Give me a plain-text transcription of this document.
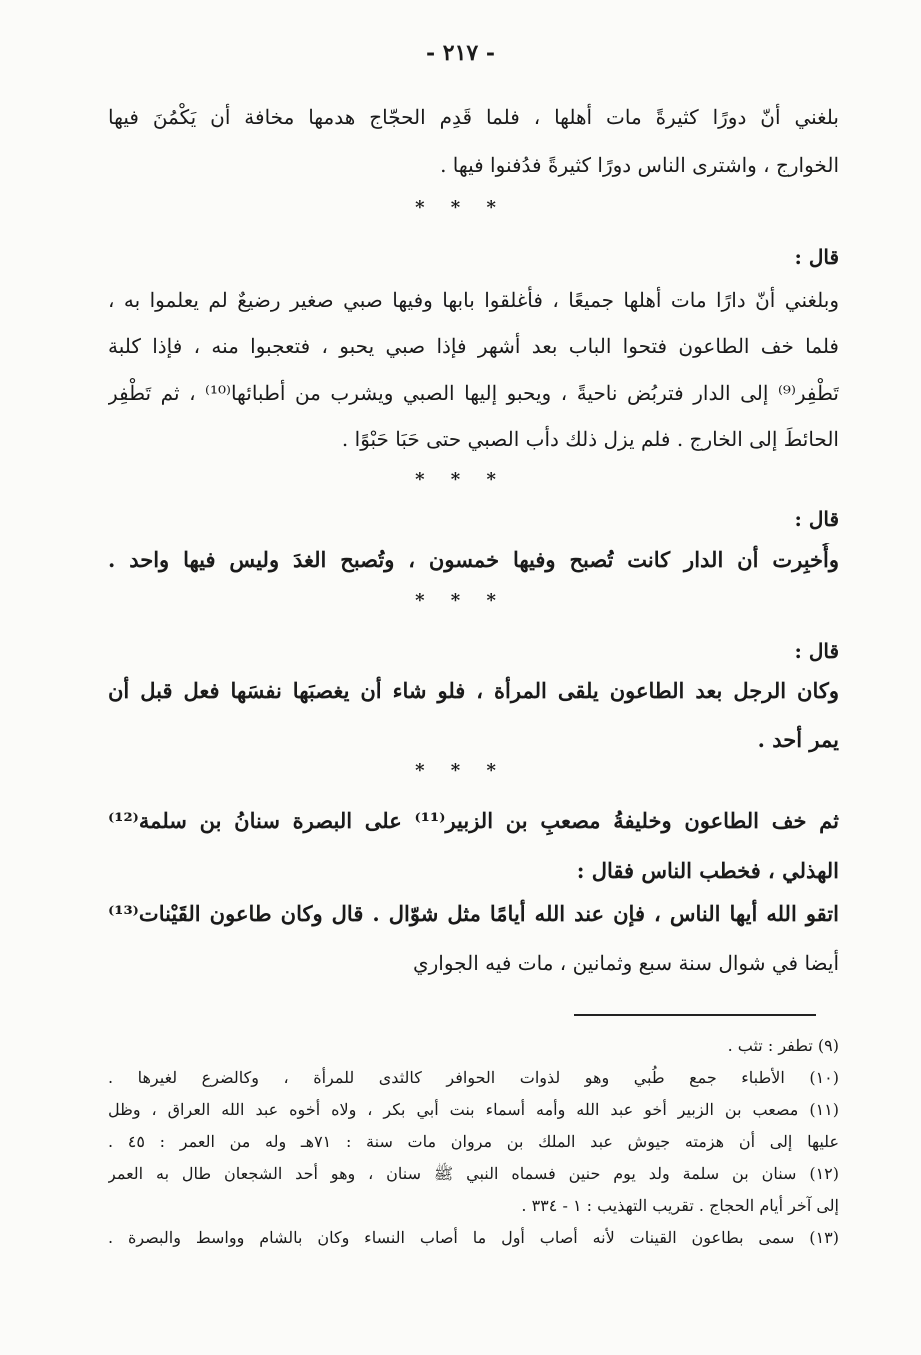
- ٢١٧ -
بلغني أنّ دورًا كثيرةً مات أهلها ، فلما قَدِم الحجّاج هدمها مخافة أن يَكْمُنَ فيها
الخوارج ، واشترى الناس دورًا كثيرةً فدُفنوا فيها .
* * *
قال :
وبلغني أنّ دارًا مات أهلها جميعًا ، فأغلقوا بابها وفيها صبي صغير رضيعٌ لم يعلموا به ،
فلما خف الطاعون فتحوا الباب بعد أشهر فإذا صبي يحبو ، فتعجبوا منه ، فإذا كلبة
تَطْفِر⁽⁹⁾ إلى الدار فتربُض ناحيةً ، ويحبو إليها الصبي ويشرب من أطبائها⁽¹⁰⁾ ، ثم تَطْفِر
الحائطَ إلى الخارج . فلم يزل ذلك دأب الصبي حتى حَبَا حَبْوًا .
* * *
قال :
وأُخبِرت أن الدار كانت تُصبح وفيها خمسون ، وتُصبح الغدَ وليس فيها واحد .
* * *
قال :
وكان الرجل بعد الطاعون يلقى المرأة ، فلو شاء أن يغصبَها نفسَها فعل قبل أن
يمر أحد .
* * *
ثم خف الطاعون وخليفةُ مصعبِ بن الزبير⁽¹¹⁾ على البصرة سنانُ بن سلمة⁽¹²⁾
الهذلي ، فخطب الناس فقال :
اتقو الله أيها الناس ، فإن عند الله أيامًا مثل شوّال . قال وكان طاعون القَيْنات⁽¹³⁾
أيضا في شوال سنة سبع وثمانين ، مات فيه الجواري
(٩) تطفر : تثب .
(١٠) الأطباء جمع طُبي وهو لذوات الحوافر كالثدى للمرأة ، وكالضرع لغيرها .
(١١) مصعب بن الزبير أخو عبد الله وأمه أسماء بنت أبي بكر ، ولاه أخوه عبد الله العراق ، وظل
عليها إلى أن هزمته جيوش عبد الملك بن مروان مات سنة : ٧١هـ وله من العمر : ٤٥ .
(١٢) سنان بن سلمة ولد يوم حنين فسماه النبي ﷺ سنان ، وهو أحد الشجعان طال به العمر
إلى آخر أيام الحجاج . تقريب التهذيب : ١ - ٣٣٤ .
(١٣) سمى بطاعون القينات لأنه أصاب أول ما أصاب النساء وكان بالشام وواسط والبصرة .
